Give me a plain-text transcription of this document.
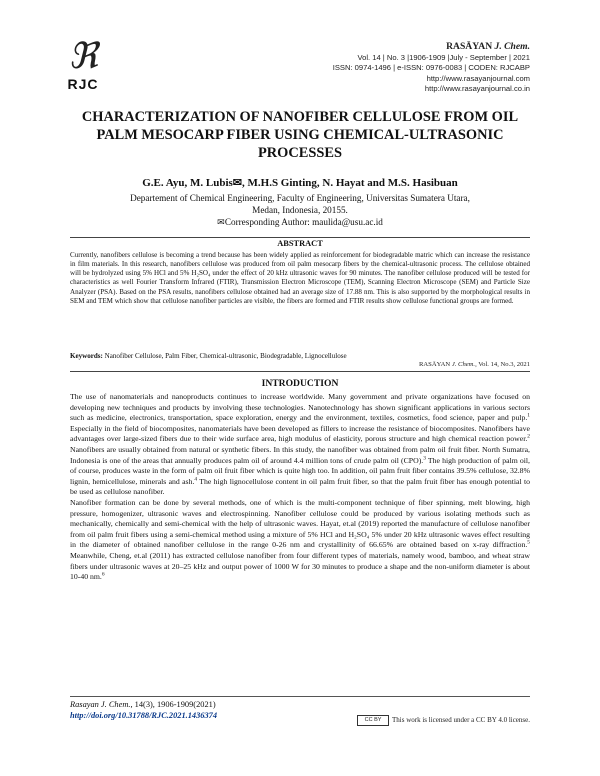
ℜ
RJC
RASĀYAN J. Chem.
Vol. 14 | No. 3 |1906-1909 |July - September | 2021
ISSN: 0974-1496 | e-ISSN: 0976-0083 | CODEN: RJCABP
http://www.rasayanjournal.com
http://www.rasayanjournal.co.in
CHARACTERIZATION OF NANOFIBER CELLULOSE FROM OIL PALM MESOCARP FIBER USING CHEMICAL-ULTRASONIC PROCESSES
G.E. Ayu, M. Lubis✉, M.H.S Ginting, N. Hayat and M.S. Hasibuan
Departement of Chemical Engineering, Faculty of Engineering, Universitas Sumatera Utara,
Medan, Indonesia, 20155.
✉Corresponding Author: maulida@usu.ac.id
ABSTRACT

Currently, nanofibers cellulose is becoming a trend because has been widely applied as reinforcement for biodegradable matric which can increase the resistance in film materials. In this research, nanofibers cellulose was produced from oil palm mesocarp fibers by the chemical-ultrasonic process. The cellulose obtained will be hydrolyzed using 5% HCl and 5% H₂SO₄ under the effect of 20 kHz ultrasonic waves for 90 minutes. The nanofiber cellulose produced will be tested for characteristics as well Fourier Transform Infrared (FTIR), Transmission Electron Microscope (TEM), Scanning Electron Microscope (SEM) and Particle Size Analyzer (PSA). Based on the PSA results, nanofibers cellulose obtained had an average size of 17.88 nm. This is also supported by the morphological results in SEM and TEM which show that cellulose nanofiber particles are visible, the fibers are formed and FTIR results show cellulose functional groups are formed.

Keywords: Nanofiber Cellulose, Palm Fiber, Chemical-ultrasonic, Biodegradable, Lignocellulose
RASĀYAN J. Chem., Vol. 14, No.3, 2021
INTRODUCTION

The use of nanomaterials and nanoproducts continues to increase worldwide. Many government and private organizations have focused on developing new techniques and products by involving these technologies. Nanotechnology has shown significant applications in various sectors such as medicine, electronics, transportation, space exploration, energy and the environment, textiles, cosmetics, food science, paper and pulp.$^1$ Especially in the field of biocomposites, nanomaterials have been developed as fillers to increase the resistance of biocomposites. Nanofibers have advantages over large-sized fibers due to their wide surface area, high modulus of elasticity, porous structure and high chemical reaction power.$^2$ Nanofibers are usually obtained from natural or synthetic fibers. In this study, the nanofiber was obtained from palm oil fruit fiber. North Sumatra, Indonesia is one of the areas that annually produces palm oil of around 4.4 million tons of crude palm oil (CPO).$^3$ The high production of palm oil, of course, produces waste in the form of palm oil fruit fiber which is quite high too. In addition, oil palm fruit fiber contains 39.5% cellulose, 32.8% lignin, hemicellulose, minerals and ash.$^4$ The high lignocellulose content in oil palm fruit fiber, so that the palm fruit fiber has enough potential to be used as cellulose nanofiber.

Nanofiber formation can be done by several methods, one of which is the multi-component technique of fiber spinning, melt blowing, high pressure, homogenizer, ultrasonic waves and electrospinning. Nanofiber cellulose could be produced by various isolating methods such as mechanically, chemically and semi-chemical with the help of ultrasonic waves. Hayat, et.al (2019) reported the manufacture of cellulose nanofiber from oil palm fruit fibers using a semi-chemical method using a mixture of 5% HCl and H₂SO₄ 5% under 20 kHz ultrasonic waves effect resulting in the diameter of obtained nanofiber cellulose in the range 0-26 nm and crystallinity of 66.65% are obtained based on x-ray diffraction.$^5$ Meanwhile, Cheng, et.al (2011) has extracted cellulose nanofiber from four different types of materials, namely wood, bamboo, and wheat straw fibers under ultrasonic waves at 20–25 kHz and output power of 1000 W for 30 minutes to produce a shape and the non-uniform diameter is about 10-40 nm.$^6$

Rasayan J. Chem., 14(3), 1906-1909(2021)
http://doi.org/10.31788/RJC.2021.1436374	CC BY This work is licensed under a CC BY 4.0 license.
